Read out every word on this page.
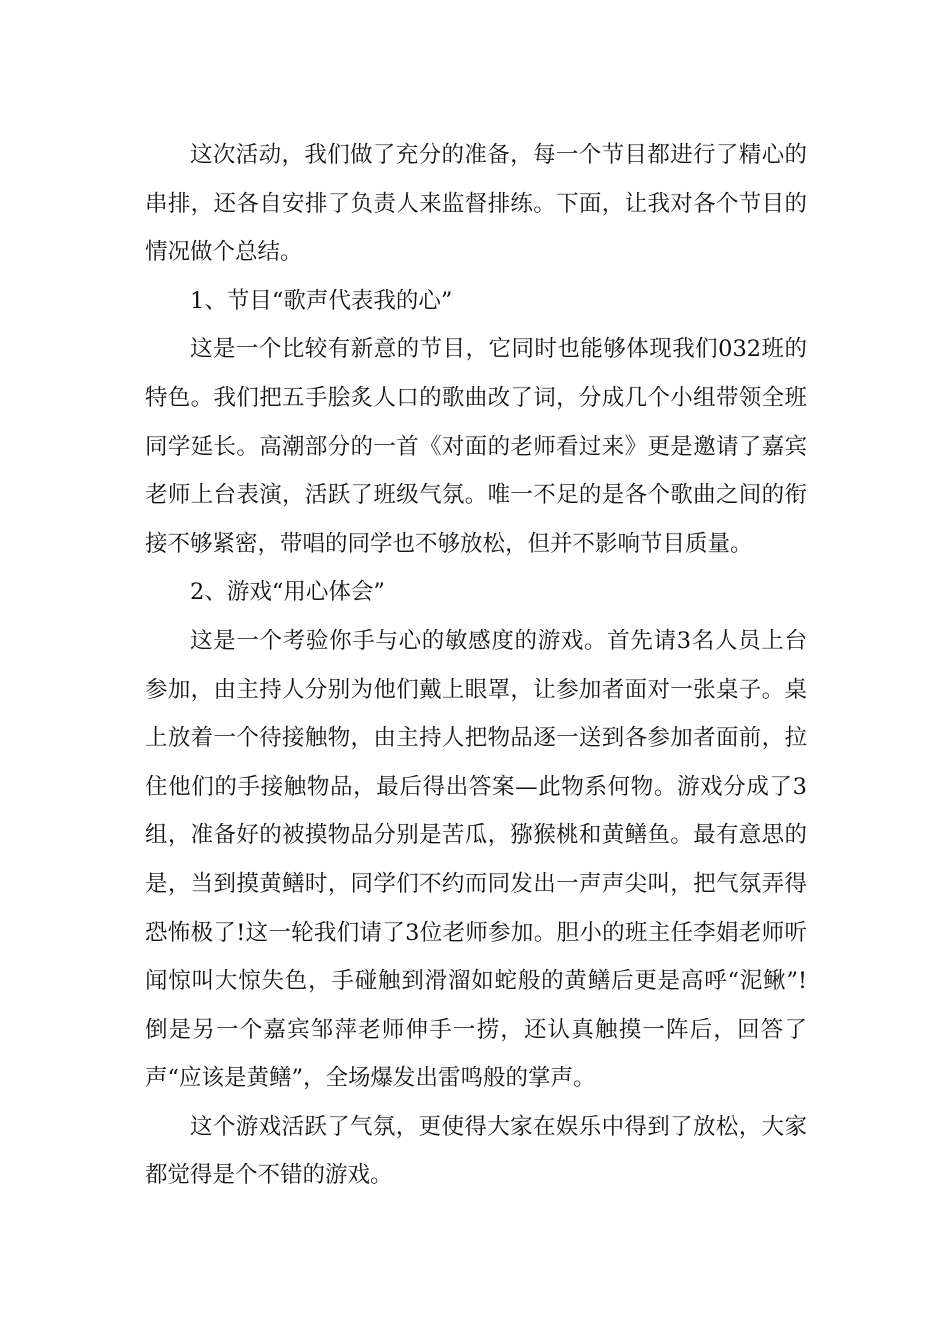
这次活动，我们做了充分的准备，每一个节目都进行了精心的串排，还各自安排了负责人来监督排练。下面，让我对各个节目的情况做个总结。

1、节目“歌声代表我的心”

这是一个比较有新意的节目，它同时也能够体现我们032班的特色。我们把五手脍炙人口的歌曲改了词，分成几个小组带领全班同学延长。高潮部分的一首《对面的老师看过来》更是邀请了嘉宾老师上台表演，活跃了班级气氛。唯一不足的是各个歌曲之间的衔接不够紧密，带唱的同学也不够放松，但并不影响节目质量。

2、游戏“用心体会”

这是一个考验你手与心的敏感度的游戏。首先请3名人员上台参加，由主持人分别为他们戴上眼罩，让参加者面对一张桌子。桌上放着一个待接触物，由主持人把物品逐一送到各参加者面前，拉住他们的手接触物品，最后得出答案—此物系何物。游戏分成了3组，准备好的被摸物品分别是苦瓜，猕猴桃和黄鳝鱼。最有意思的是，当到摸黄鳝时，同学们不约而同发出一声声尖叫，把气氛弄得恐怖极了!这一轮我们请了3位老师参加。胆小的班主任李娟老师听闻惊叫大惊失色，手碰触到滑溜如蛇般的黄鳝后更是高呼“泥鳅”!倒是另一个嘉宾邹萍老师伸手一捞，还认真触摸一阵后，回答了声“应该是黄鳝”，全场爆发出雷鸣般的掌声。

这个游戏活跃了气氛，更使得大家在娱乐中得到了放松，大家都觉得是个不错的游戏。
